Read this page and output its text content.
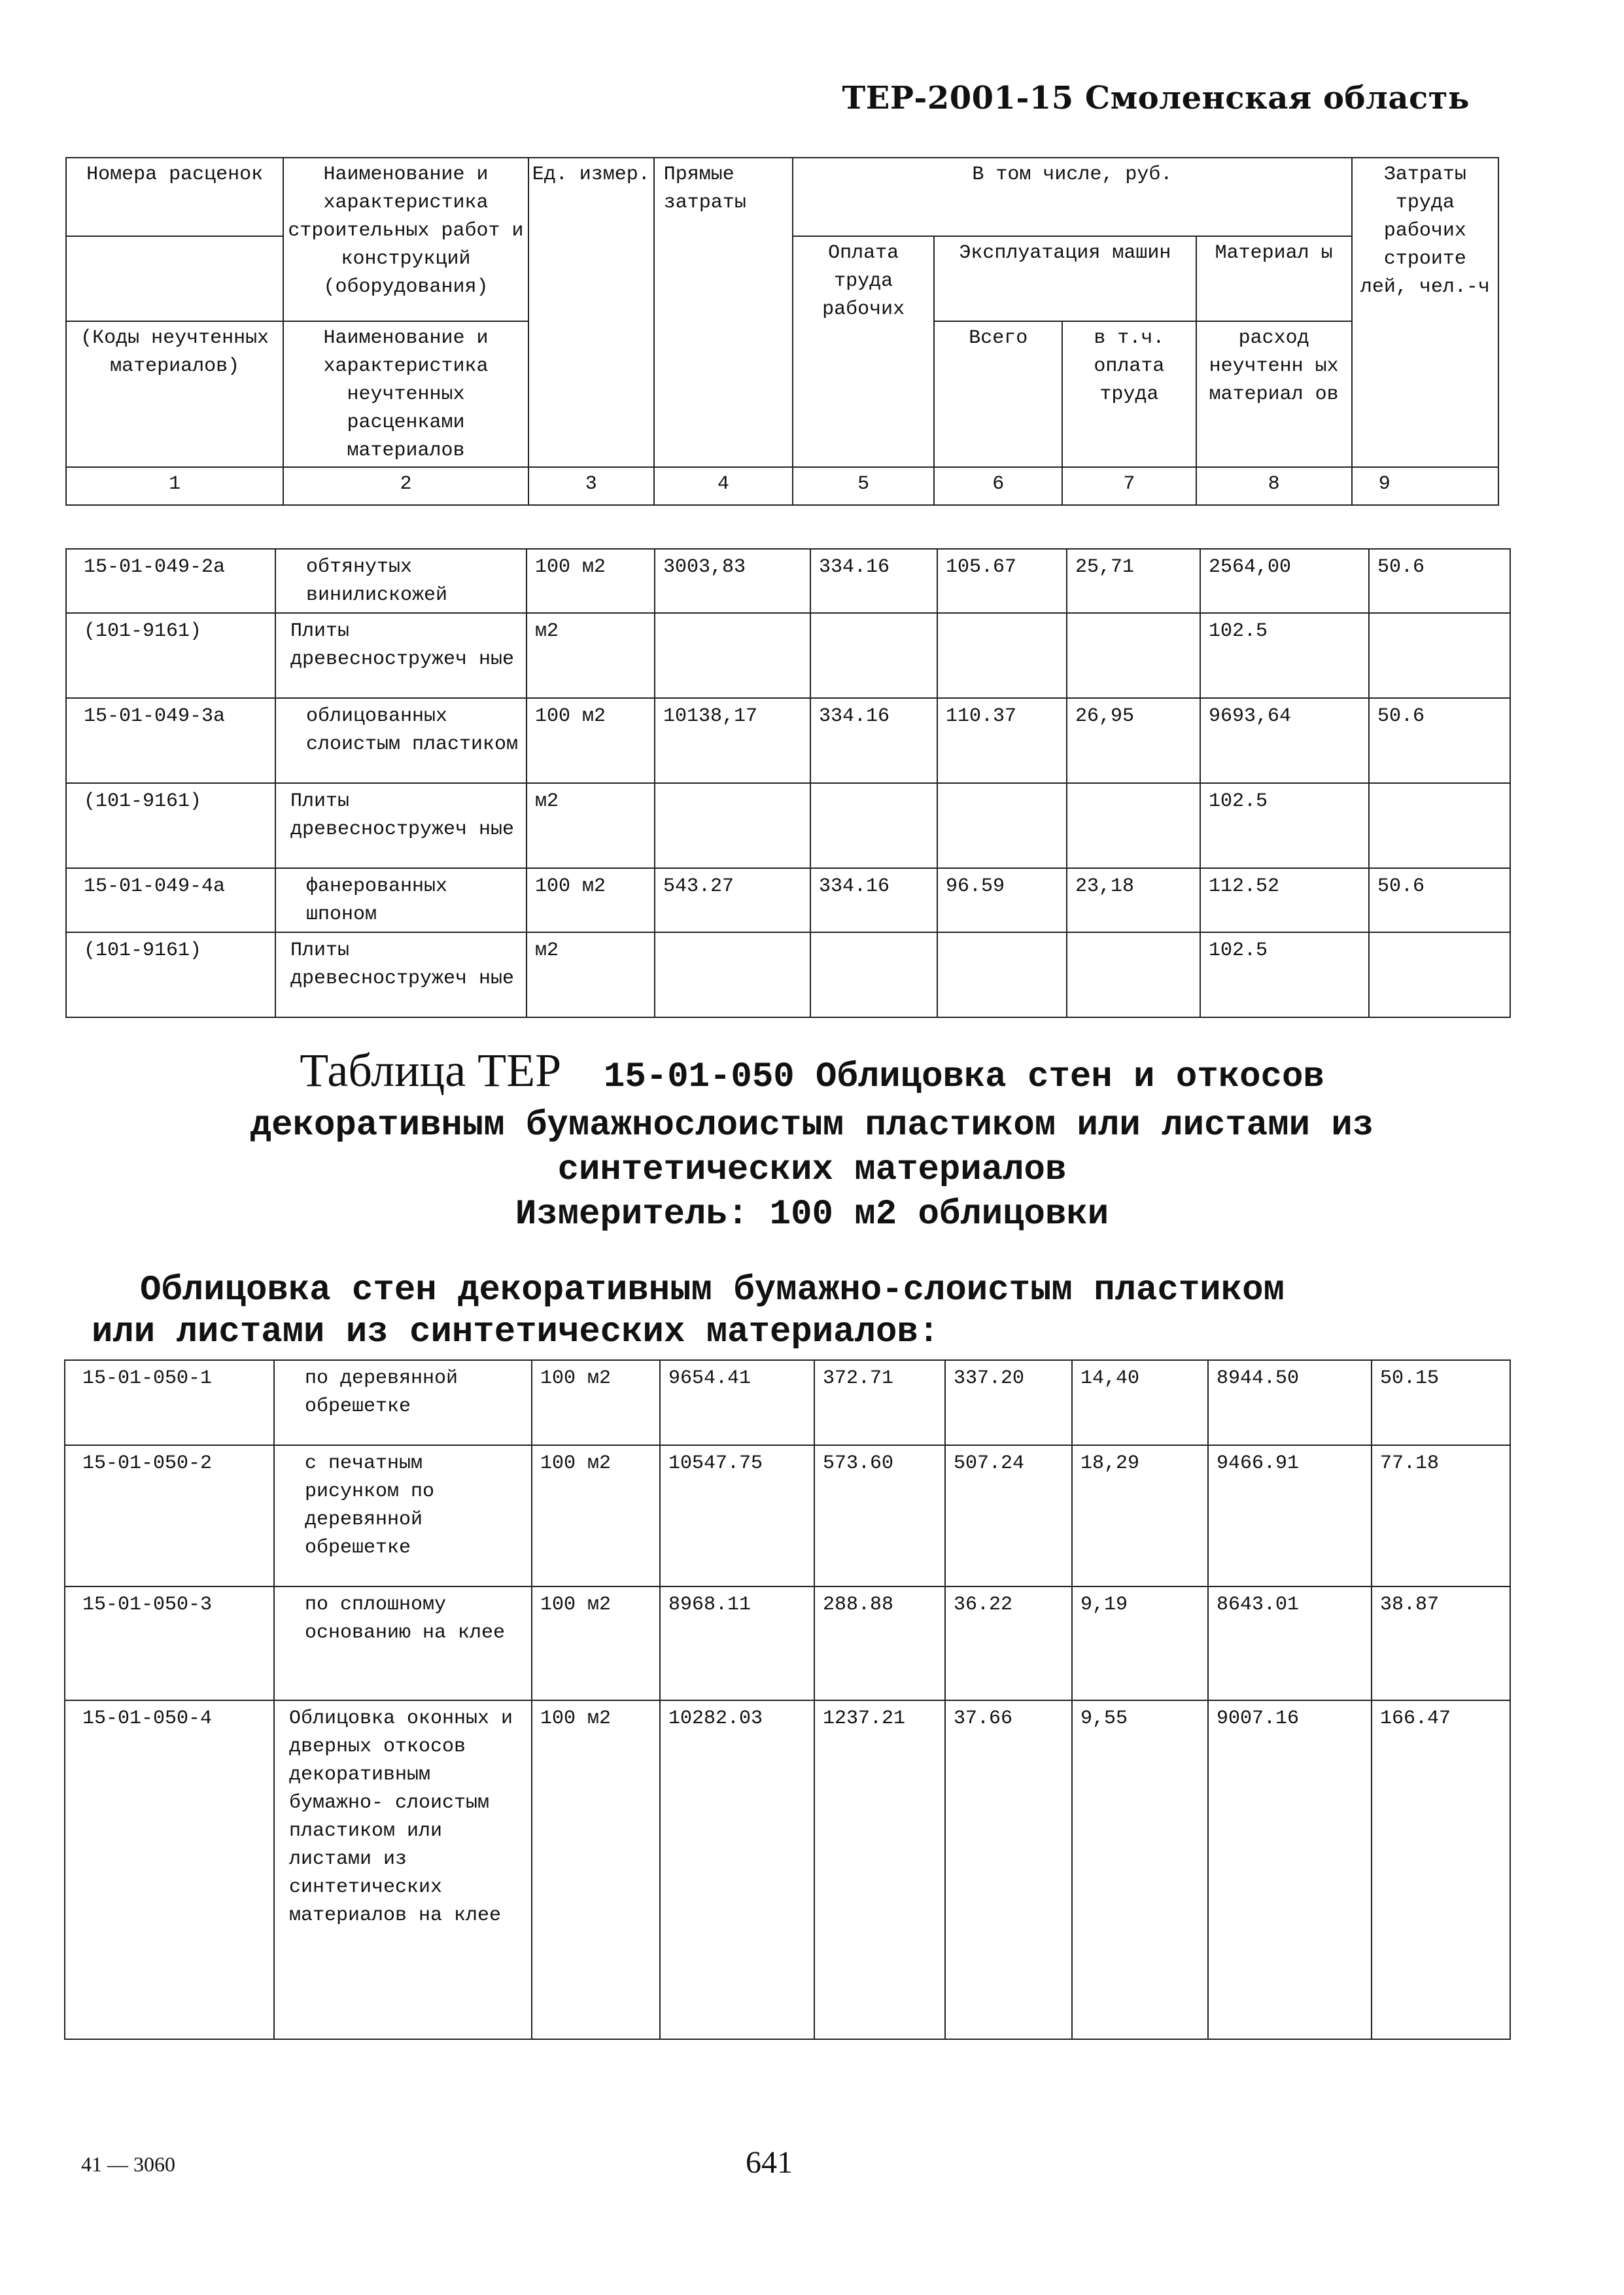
ТЕР-2001-15 Смоленская область
Номера расценок	Наименование и характеристика строительных работ и конструкций (оборудования)	Ед. измер.	Прямые затраты	В том числе, руб.				Затраты труда рабочих строите лей, чел.-ч
				Оплата труда рабочих	Эксплуатация машин		Материал ы	
(Коды неучтенных материалов)	Наименование и характеристика неучтенных расценками материалов				Всего	в т.ч. оплата труда	расход неучтенн ых материал ов	
1	2	3	4	5	6	7	8	9
15-01-049-2а	обтянутых винилискожей	100 м2	3003,83	334.16	105.67	25,71	2564,00	50.6
(101-9161)	Плиты древесностружеч ные	м2					102.5	
15-01-049-3а	облицованных слоистым пластиком	100 м2	10138,17	334.16	110.37	26,95	9693,64	50.6
(101-9161)	Плиты древесностружеч ные	м2					102.5	
15-01-049-4а	фанерованных шпоном	100 м2	543.27	334.16	96.59	23,18	112.52	50.6
(101-9161)	Плиты древесностружеч ные	м2					102.5	
Таблица ТЕР 15-01-050 Облицовка стен и откосов
декоративным бумажнослоистым пластиком или листами из
синтетических материалов
Измеритель: 100 м2 облицовки
Облицовка стен декоративным бумажно-слоистым пластиком
или листами из синтетических материалов:
15-01-050-1	по деревянной обрешетке	100 м2	9654.41	372.71	337.20	14,40	8944.50	50.15
15-01-050-2	с печатным рисунком по деревянной обрешетке	100 м2	10547.75	573.60	507.24	18,29	9466.91	77.18
15-01-050-3	по сплошному основанию на клее	100 м2	8968.11	288.88	36.22	9,19	8643.01	38.87
15-01-050-4	Облицовка оконных и дверных откосов декоративным бумажно- слоистым пластиком или листами из синтетических материалов на клее	100 м2	10282.03	1237.21	37.66	9,55	9007.16	166.47
41 — 3060	641
